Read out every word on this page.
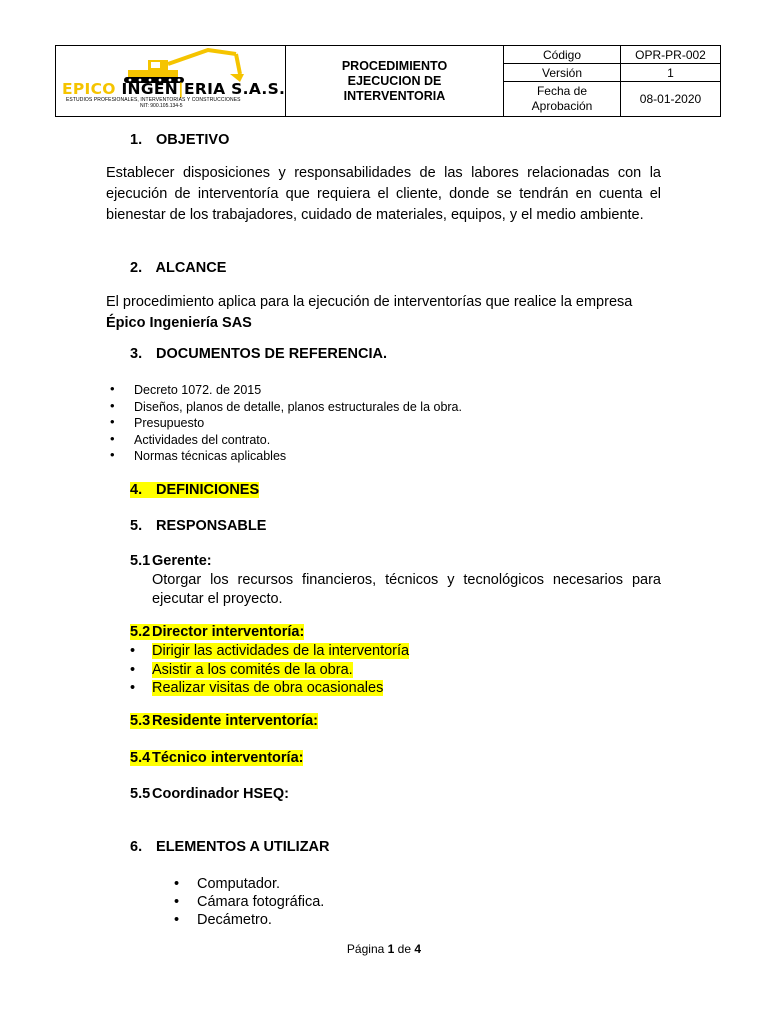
EPICO INGEN|ERIA S.A.S.
ESTUDIOS PROFESIONALES, INTERVENTORIAS Y CONSTRUCCIONES
NIT: 900.105.134-5	PROCEDIMIENTO EJECUCION DE INTERVENTORIA	Código	OPR-PR-002
		Versión	1

		Fecha de Aprobación	08-01-2020
1. OBJETIVO
Establecer disposiciones y responsabilidades de las labores relacionadas con la ejecución de interventoría que requiera el cliente, donde se tendrán en cuenta el bienestar de los trabajadores, cuidado de materiales, equipos, y el medio ambiente.
2. ALCANCE
El procedimiento aplica para la ejecución de interventorías que realice la empresa
Épico Ingeniería SAS
3. DOCUMENTOS DE REFERENCIA.
• Decreto 1072. de 2015
• Diseños, planos de detalle, planos estructurales de la obra.
• Presupuesto
• Actividades del contrato.
• Normas técnicas aplicables
4. DEFINICIONES
5. RESPONSABLE
5.1 Gerente:
Otorgar los recursos financieros, técnicos y tecnológicos necesarios para ejecutar el proyecto.
5.2 Director interventoría:
• Dirigir las actividades de la interventoría
• Asistir a los comités de la obra.
• Realizar visitas de obra ocasionales
5.3 Residente interventoría:
5.4 Técnico interventoría:
5.5 Coordinador HSEQ:
6. ELEMENTOS A UTILIZAR
• Computador.
• Cámara fotográfica.
• Decámetro.
Página 1 de 4
